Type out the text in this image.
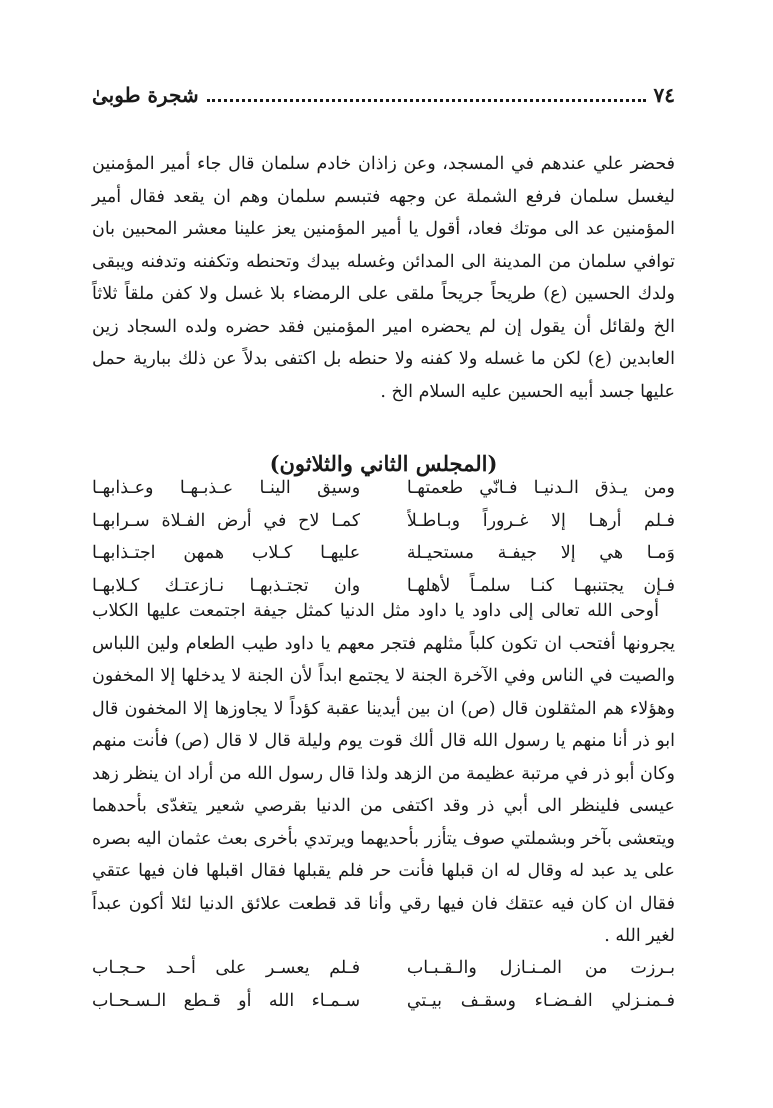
٧٤
شجرة طوبىٰ

فحضر علي عندهم في المسجد، وعن زاذان خادم سلمان قال جاء أمير المؤمنين ليغسل سلمان فرفع الشملة عن وجهه فتبسم سلمان وهم ان يقعد فقال أمير المؤمنين عد الى موتك فعاد، أقول يا أمير المؤمنين يعز علينا معشر المحبين بان توافي سلمان من المدينة الى المدائن وغسله بيدك وتحنطه وتكفنه وتدفنه ويبقى ولدك الحسين (ع) طريحاً جريحاً ملقى على الرمضاء بلا غسل ولا كفن ملقاً ثلاثاً الخ ولقائل أن يقول إن لم يحضره امير المؤمنين فقد حضره ولده السجاد زين العابدين (ع) لكن ما غسله ولا كفنه ولا حنطه بل اكتفى بدلاً عن ذلك ببارية حمل عليها جسد أبيه الحسين عليه السلام الخ .

(المجلس الثاني والثلاثون)
ومن يـذق الـدنيـا فـانّي طعمتهـا
وسيق الينـا عـذبـهـا وعـذابهـا
فـلم أرهـا إلا غـروراً وبـاطـلاً
كمـا لاح في أرض الفـلاة سـرابهـا
وَمـا هي إلا جيفـة مستحيـلة
عليهـا كـلاب همهن اجتـذابهـا
فـإن يجتنبهـا كنـا سلمـاً لأهلهـا
وان تجتـذبهـا نـازعتـك كـلابهـا

أوحى الله تعالى إلى داود يا داود مثل الدنيا كمثل جيفة اجتمعت عليها الكلاب يجرونها أفتحب ان تكون كلباً مثلهم فتجر معهم يا داود طيب الطعام ولين اللباس والصيت في الناس وفي الآخرة الجنة لا يجتمع ابداً لأن الجنة لا يدخلها إلا المخفون وهؤلاء هم المثقلون قال (ص) ان بين أيدينا عقبة كؤداً لا يجاوزها إلا المخفون قال ابو ذر أنا منهم يا رسول الله قال ألك قوت يوم وليلة قال لا قال (ص) فأنت منهم وكان أبو ذر في مرتبة عظيمة من الزهد ولذا قال رسول الله من أراد ان ينظر زهد عيسى فلينظر الى أبي ذر وقد اكتفى من الدنيا بقرصي شعير يتغدّى بأحدهما ويتعشى بآخر وبشملتي صوف يتأزر بأحديهما ويرتدي بأخرى بعث عثمان اليه بصره على يد عبد له وقال له ان قبلها فأنت حر فلم يقبلها فقال اقبلها فان فيها عتقي فقال ان كان فيه عتقك فان فيها رقي وأنا قد قطعت علائق الدنيا لئلا أكون عبداً لغير الله .

بـرزت من المـنـازل والـقـبـاب
فـلم يعسـر على أحـد حـجـاب
فـمنـزلي الفـضـاء وسقـف بيـتي
سـمـاء الله أو قـطع الـسـحـاب
